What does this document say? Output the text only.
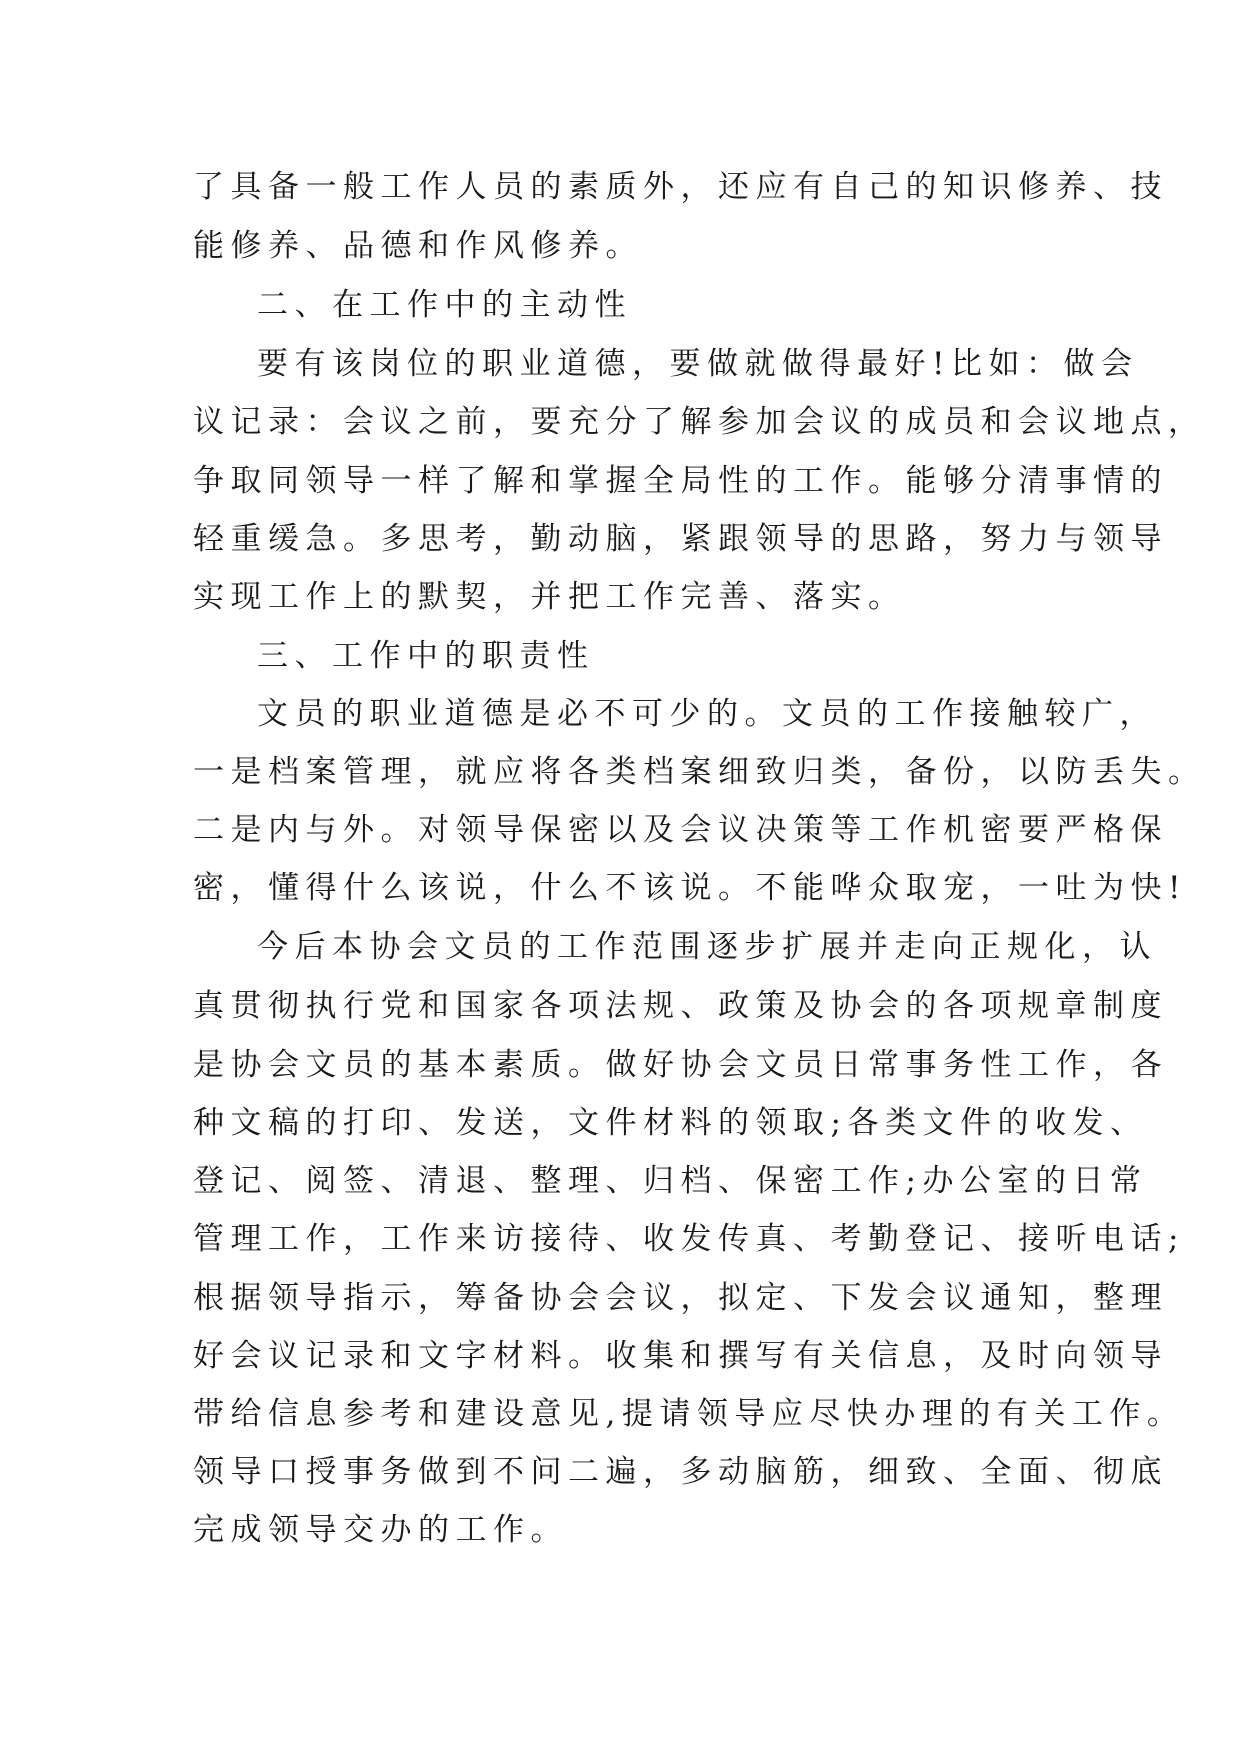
了具备一般工作人员的素质外，还应有自己的知识修养、技
能修养、品德和作风修养。
二、在工作中的主动性
要有该岗位的职业道德，要做就做得最好!比如：做会
议记录：会议之前，要充分了解参加会议的成员和会议地点，
争取同领导一样了解和掌握全局性的工作。能够分清事情的
轻重缓急。多思考，勤动脑，紧跟领导的思路，努力与领导
实现工作上的默契，并把工作完善、落实。
三、工作中的职责性
文员的职业道德是必不可少的。文员的工作接触较广，
一是档案管理，就应将各类档案细致归类，备份，以防丢失。
二是内与外。对领导保密以及会议决策等工作机密要严格保
密，懂得什么该说，什么不该说。不能哗众取宠，一吐为快!
今后本协会文员的工作范围逐步扩展并走向正规化，认
真贯彻执行党和国家各项法规、政策及协会的各项规章制度
是协会文员的基本素质。做好协会文员日常事务性工作，各
种文稿的打印、发送，文件材料的领取;各类文件的收发、
登记、阅签、清退、整理、归档、保密工作;办公室的日常
管理工作，工作来访接待、收发传真、考勤登记、接听电话;
根据领导指示，筹备协会会议，拟定、下发会议通知，整理
好会议记录和文字材料。收集和撰写有关信息，及时向领导
带给信息参考和建设意见,提请领导应尽快办理的有关工作。
领导口授事务做到不问二遍，多动脑筋，细致、全面、彻底
完成领导交办的工作。
